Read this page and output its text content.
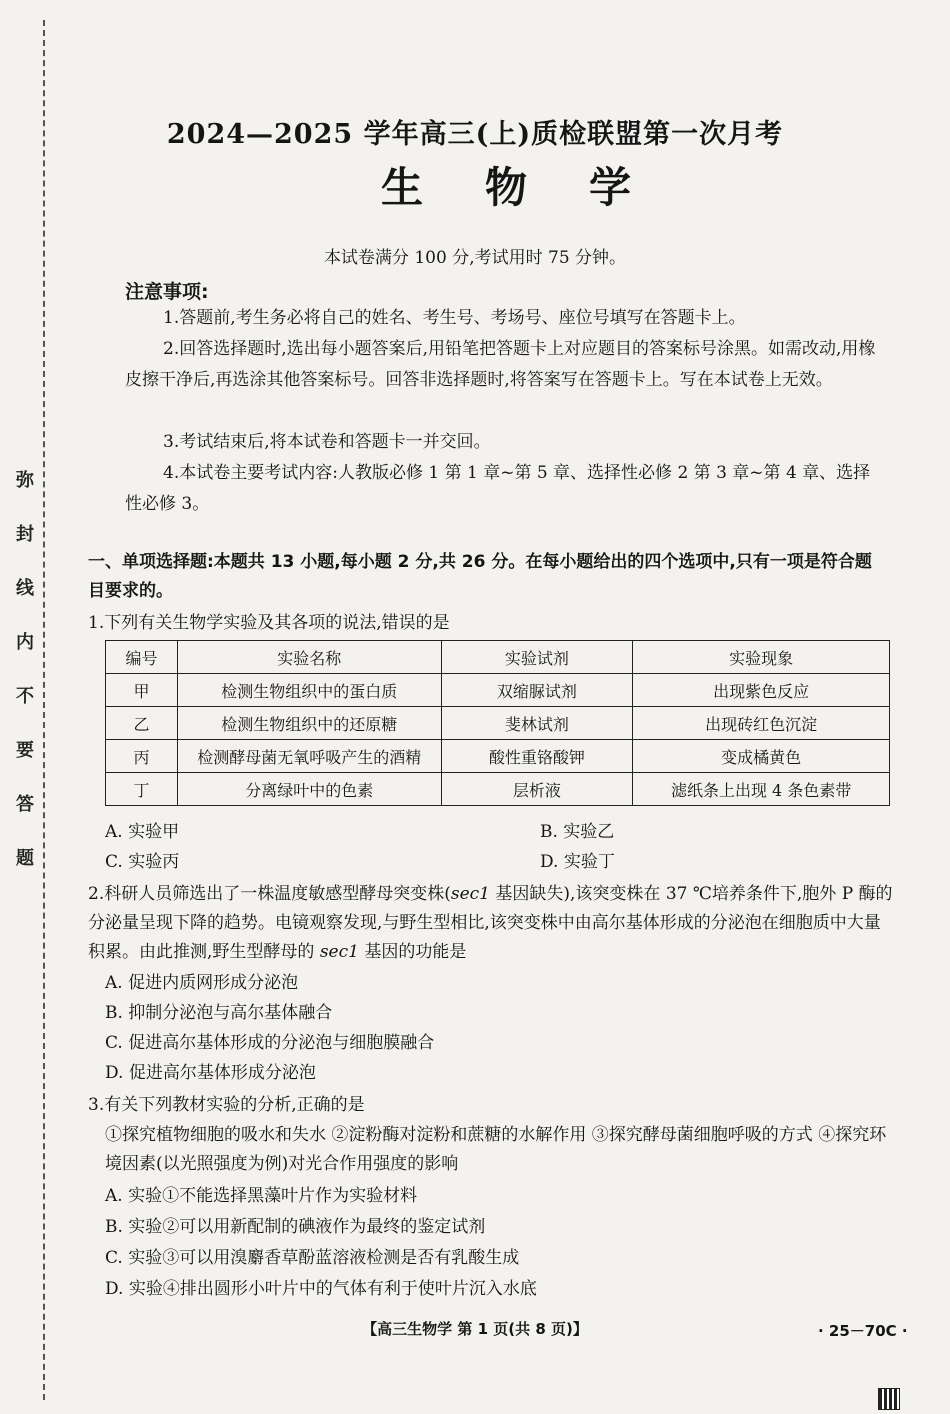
弥封线内不要答题
2024—2025 学年高三(上)质检联盟第一次月考
生物学
本试卷满分 100 分,考试用时 75 分钟。
注意事项:
1.答题前,考生务必将自己的姓名、考生号、考场号、座位号填写在答题卡上。
2.回答选择题时,选出每小题答案后,用铅笔把答题卡上对应题目的答案标号涂黑。如需改动,用橡皮擦干净后,再选涂其他答案标号。回答非选择题时,将答案写在答题卡上。写在本试卷上无效。
3.考试结束后,将本试卷和答题卡一并交回。
4.本试卷主要考试内容:人教版必修 1 第 1 章~第 5 章、选择性必修 2 第 3 章~第 4 章、选择性必修 3。
一、单项选择题:本题共 13 小题,每小题 2 分,共 26 分。在每小题给出的四个选项中,只有一项是符合题目要求的。
1.下列有关生物学实验及其各项的说法,错误的是
编号	实验名称	实验试剂	实验现象
甲	检测生物组织中的蛋白质	双缩脲试剂	出现紫色反应
乙	检测生物组织中的还原糖	斐林试剂	出现砖红色沉淀
丙	检测酵母菌无氧呼吸产生的酒精	酸性重铬酸钾	变成橘黄色
丁	分离绿叶中的色素	层析液	滤纸条上出现 4 条色素带
A. 实验甲	B. 实验乙
C. 实验丙	D. 实验丁
2.科研人员筛选出了一株温度敏感型酵母突变株(sec1 基因缺失),该突变株在 37 ℃培养条件下,胞外 P 酶的分泌量呈现下降的趋势。电镜观察发现,与野生型相比,该突变株中由高尔基体形成的分泌泡在细胞质中大量积累。由此推测,野生型酵母的 sec1 基因的功能是
A. 促进内质网形成分泌泡
B. 抑制分泌泡与高尔基体融合
C. 促进高尔基体形成的分泌泡与细胞膜融合
D. 促进高尔基体形成分泌泡
3.有关下列教材实验的分析,正确的是
①探究植物细胞的吸水和失水 ②淀粉酶对淀粉和蔗糖的水解作用 ③探究酵母菌细胞呼吸的方式 ④探究环境因素(以光照强度为例)对光合作用强度的影响
A. 实验①不能选择黑藻叶片作为实验材料
B. 实验②可以用新配制的碘液作为最终的鉴定试剂
C. 实验③可以用溴麝香草酚蓝溶液检测是否有乳酸生成
D. 实验④排出圆形小叶片中的气体有利于使叶片沉入水底
【高三生物学 第 1 页(共 8 页)】	· 25－70C ·
